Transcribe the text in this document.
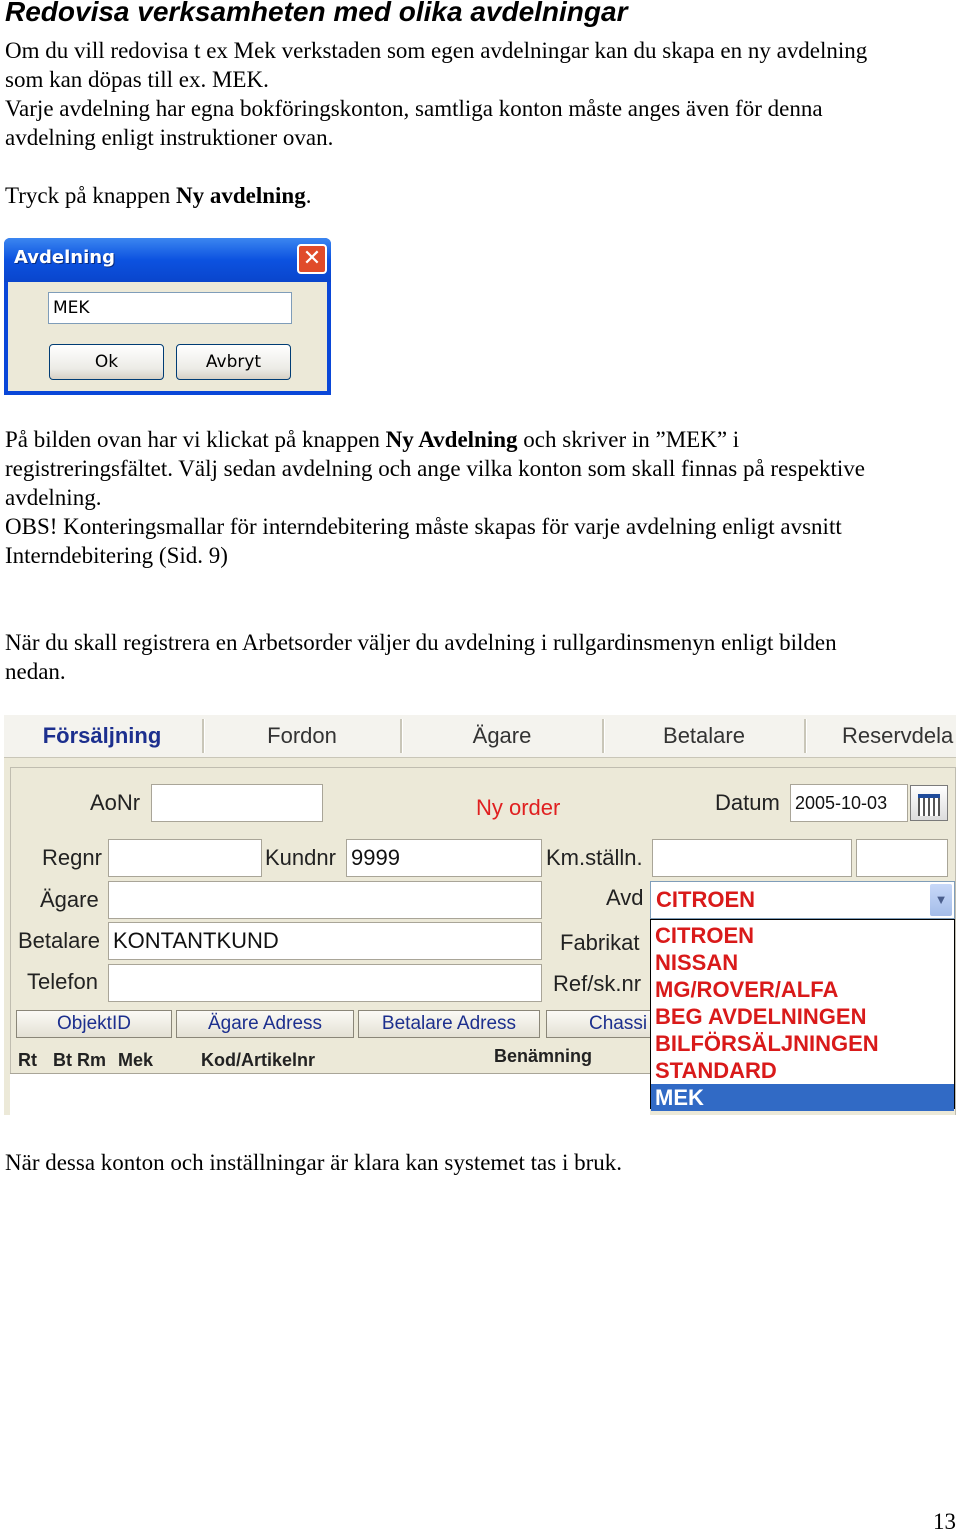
Redovisa verksamheten med olika avdelningar

Om du vill redovisa t ex Mek verkstaden som egen avdelningar kan du skapa en ny avdelning
som kan döpas till ex. MEK.
Varje avdelning har egna bokföringskonton, samtliga konton måste anges även för denna
avdelning enligt instruktioner ovan.

Tryck på knappen Ny avdelning.

Avdelning	✕
MEK
Ok	Avbryt

På bilden ovan har vi klickat på knappen Ny Avdelning och skriver in ”MEK” i
registreringsfältet. Välj sedan avdelning och ange vilka konton som skall finnas på respektive
avdelning.
OBS! Konteringsmallar för interndebitering måste skapas för varje avdelning enligt avsnitt
Interndebitering (Sid. 9)

När du skall registrera en Arbetsorder väljer du avdelning i rullgardinsmenyn enligt bilden
nedan.

Försäljning	Fordon	Ägare	Betalare	Reservdela
AoNr	Ny order	Datum 2005-10-03
Regnr	Kundnr 9999	Km.ställn.
Ägare	Avd
Betalare KONTANTKUND	Fabrikat
Telefon	Ref/sk.nr
ObjektID	Ägare Adress	Betalare Adress	Chassi
Rt Bt Rm Mek	Kod/Artikelnr	Benämning
CITROEN	▼
CITROEN
NISSAN
MG/ROVER/ALFA
BEG AVDELNINGEN
BILFÖRSÄLJNINGEN
STANDARD
MEK

När dessa konton och inställningar är klara kan systemet tas i bruk.

13
